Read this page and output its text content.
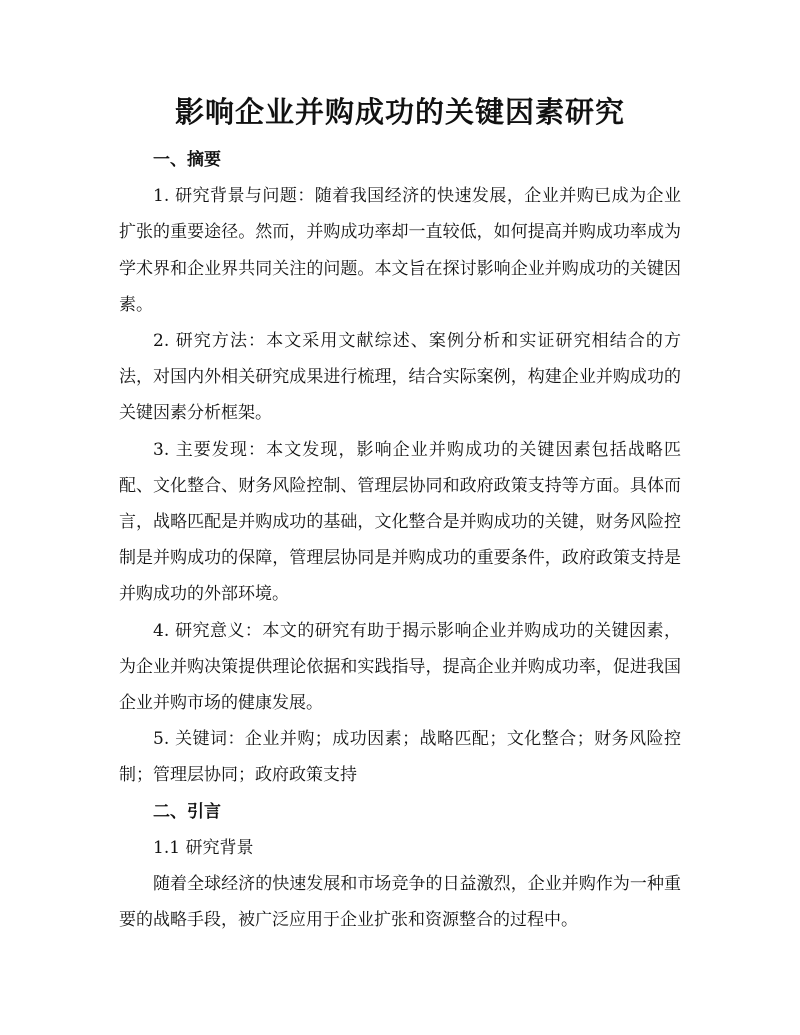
影响企业并购成功的关键因素研究
一、摘要

1. 研究背景与问题：随着我国经济的快速发展，企业并购已成为企业扩张的重要途径。然而，并购成功率却一直较低，如何提高并购成功率成为学术界和企业界共同关注的问题。本文旨在探讨影响企业并购成功的关键因素。

2. 研究方法：本文采用文献综述、案例分析和实证研究相结合的方法，对国内外相关研究成果进行梳理，结合实际案例，构建企业并购成功的关键因素分析框架。

3. 主要发现：本文发现，影响企业并购成功的关键因素包括战略匹配、文化整合、财务风险控制、管理层协同和政府政策支持等方面。具体而言，战略匹配是并购成功的基础，文化整合是并购成功的关键，财务风险控制是并购成功的保障，管理层协同是并购成功的重要条件，政府政策支持是并购成功的外部环境。

4. 研究意义：本文的研究有助于揭示影响企业并购成功的关键因素，为企业并购决策提供理论依据和实践指导，提高企业并购成功率，促进我国企业并购市场的健康发展。

5. 关键词：企业并购；成功因素；战略匹配；文化整合；财务风险控制；管理层协同；政府政策支持

二、引言
1.1 研究背景

随着全球经济的快速发展和市场竞争的日益激烈，企业并购作为一种重要的战略手段，被广泛应用于企业扩张和资源整合的过程中。
